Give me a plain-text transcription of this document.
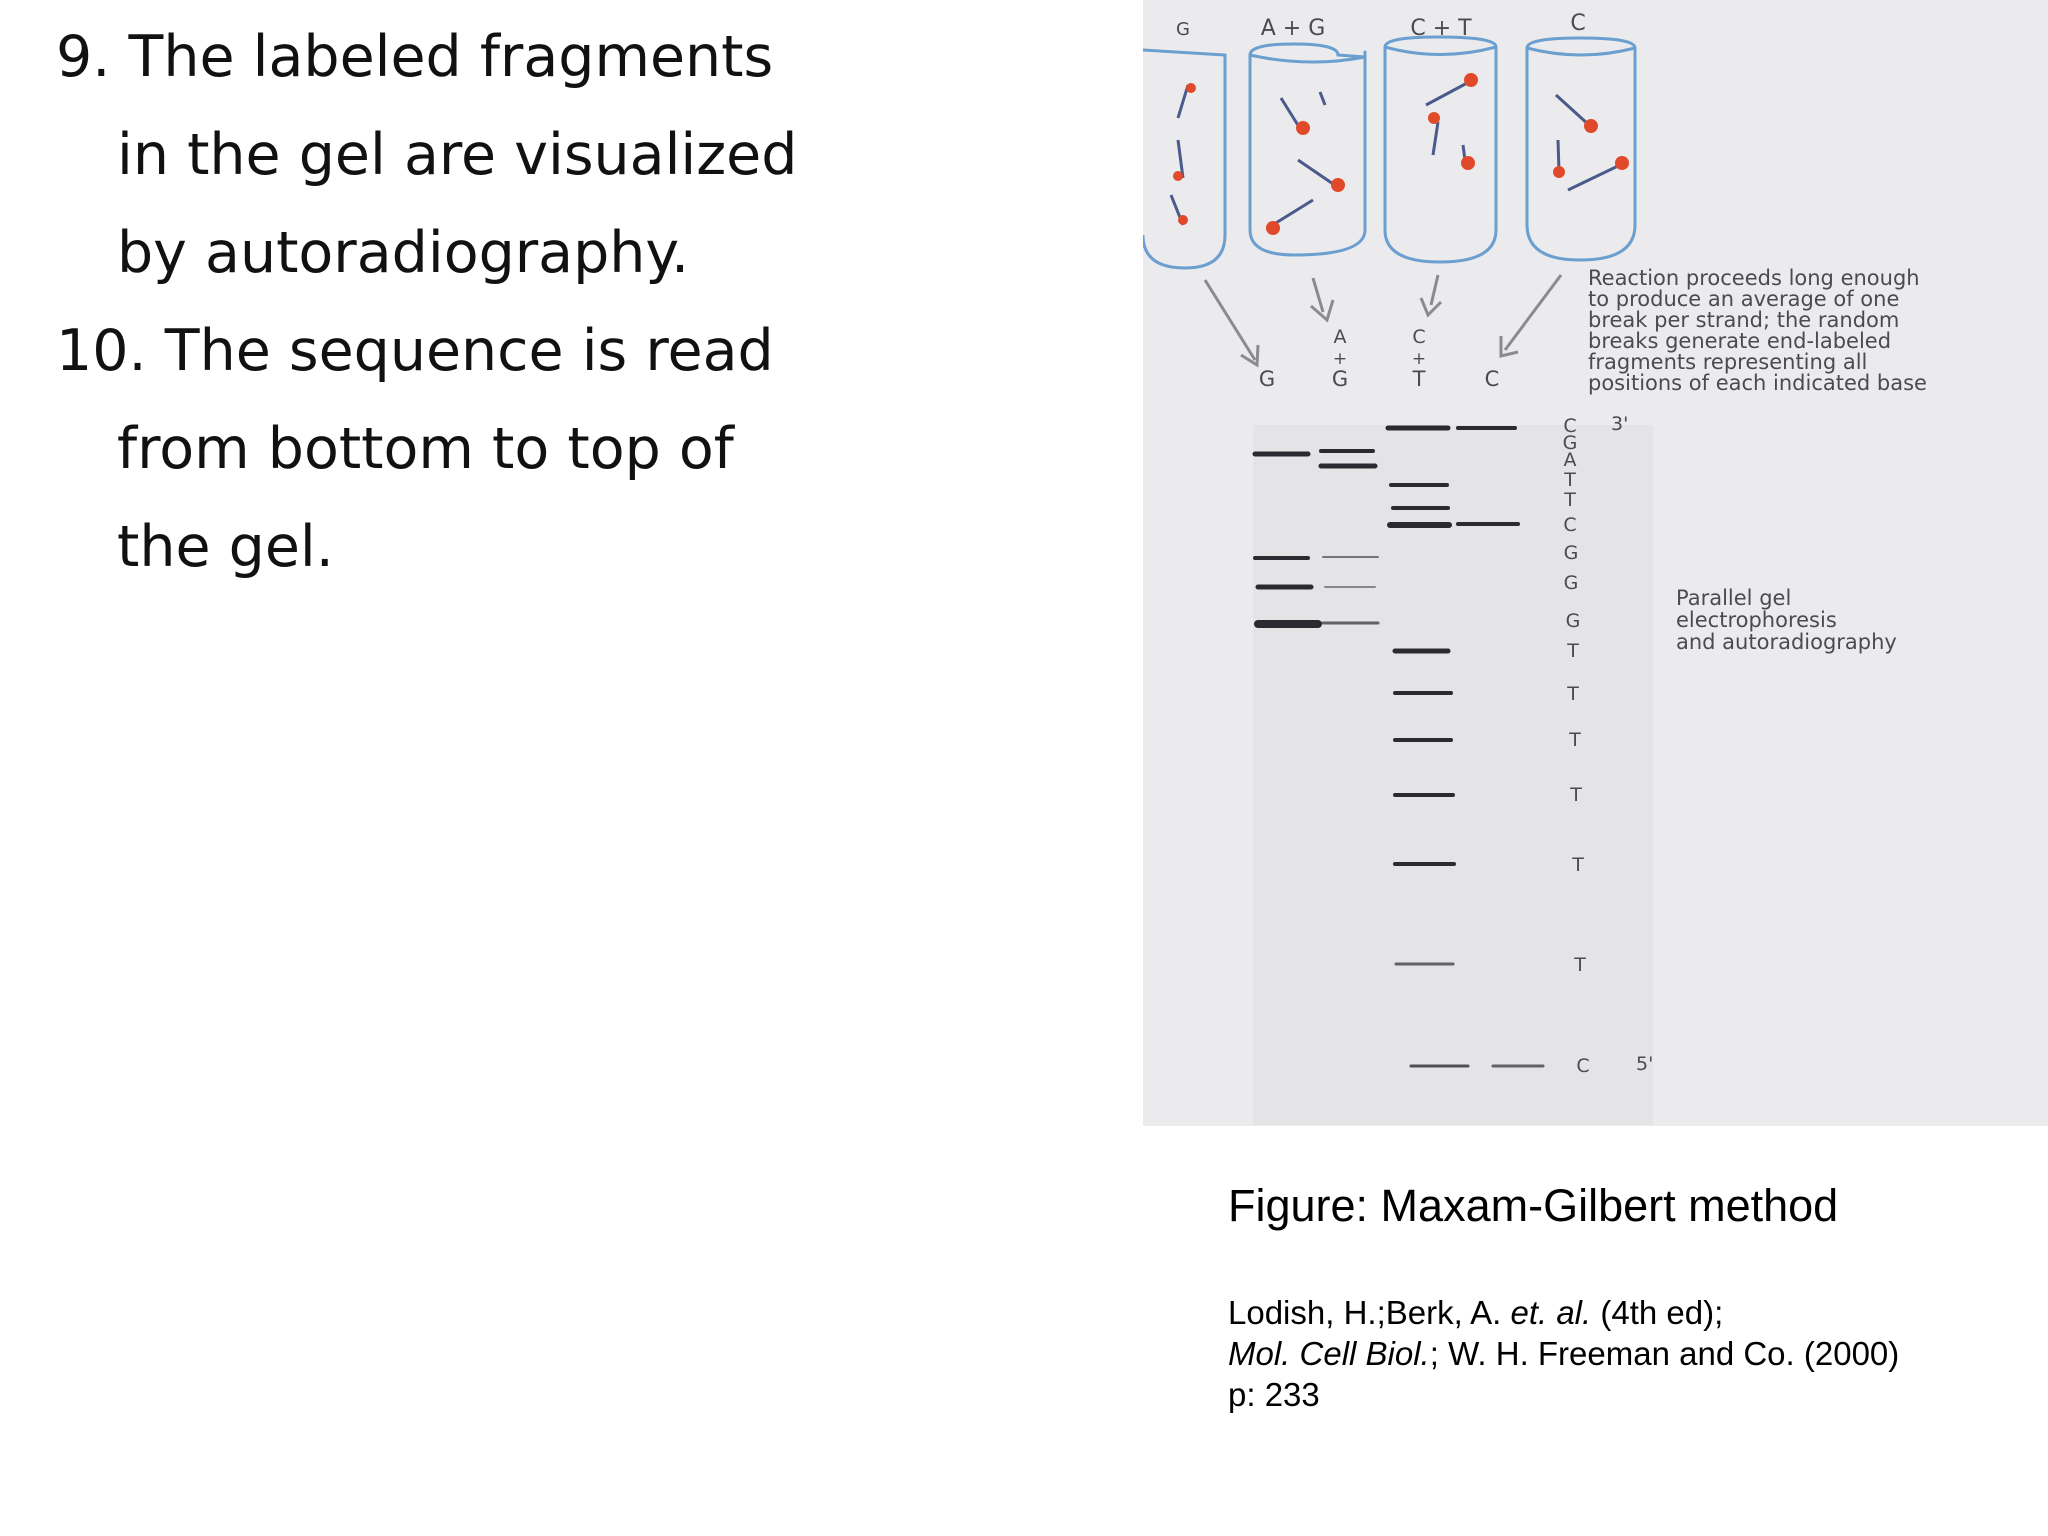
9. The labeled fragments

in the gel are visualized

by autoradiography.

10. The sequence is read

from bottom to top of

the gel.

G	A + G	C + T	C
G
A
+
G
C
+
T	C
Reaction proceeds long enough
to produce an average of one
break per strand; the random
breaks generate end-labeled
fragments representing all
positions of each indicated base
C
G
A
T
T
C
G
G
G
T
T
T
T
T
T
C
3'
5'
Parallel gel
electrophoresis
and autoradiography
Figure: Maxam-Gilbert method
Lodish, H.;Berk, A. et. al. (4th ed);
Mol. Cell Biol.; W. H. Freeman and Co. (2000)
p: 233
